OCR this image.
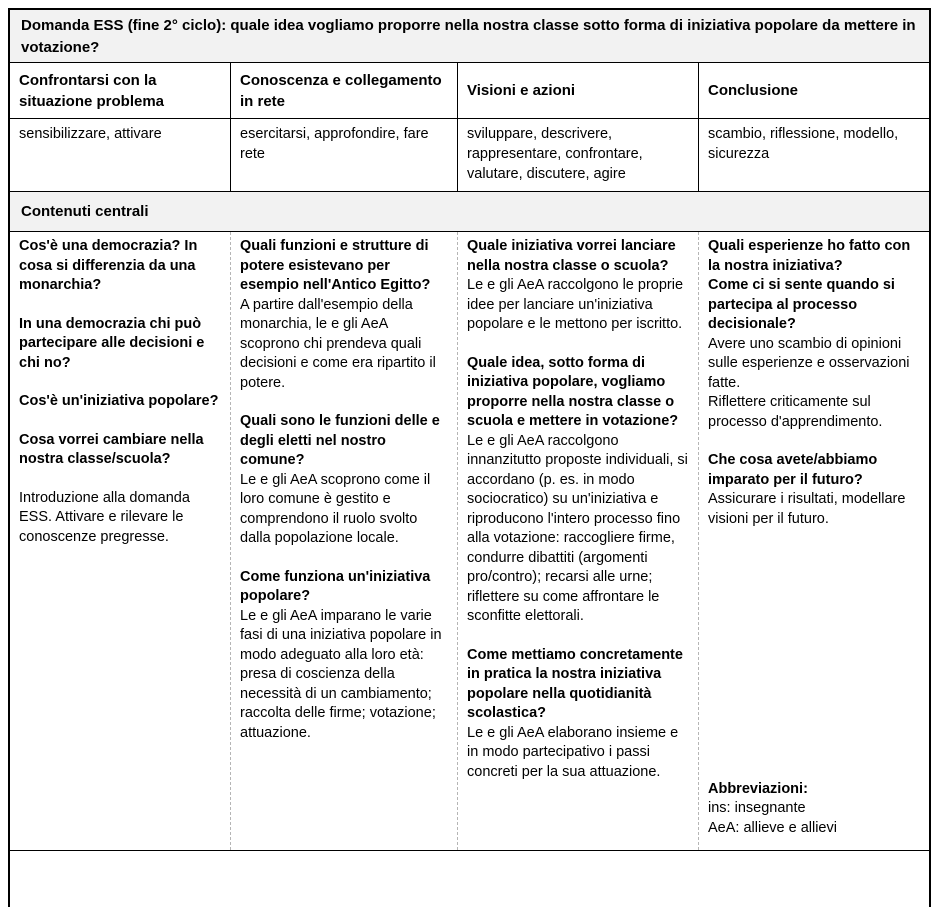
Domanda ESS (fine 2° ciclo): quale idea vogliamo proporre nella nostra classe sotto forma di iniziativa popolare da mettere in votazione?
Confrontarsi con la situazione problema
Conoscenza e collegamento in rete
Visioni e azioni	Conclusione
sensibilizzare, attivare	esercitarsi, approfondire, fare rete
sviluppare, descrivere, rappresentare, confrontare, valutare, discutere, agire
scambio, riflessione, modello, sicurezza
Contenuti centrali

Cos'è una democrazia? In cosa si differenzia da una monarchia?

In una democrazia chi può partecipare alle decisioni e chi no?

Cos'è un'iniziativa popolare?

Cosa vorrei cambiare nella nostra classe/scuola?

Introduzione alla domanda ESS. Attivare e rilevare le conoscenze pregresse.

Quali funzioni e strutture di potere esistevano per esempio nell'Antico Egitto?

A partire dall'esempio della monarchia, le e gli AeA scoprono chi prendeva quali decisioni e come era ripartito il potere.

Quali sono le funzioni delle e degli eletti nel nostro comune?

Le e gli AeA scoprono come il loro comune è gestito e comprendono il ruolo svolto dalla popolazione locale.

Come funziona un'iniziativa popolare?

Le e gli AeA imparano le varie fasi di una iniziativa popolare in modo adeguato alla loro età: presa di coscienza della necessità di un cambiamento; raccolta delle firme; votazione; attuazione.

Quale iniziativa vorrei lanciare nella nostra classe o scuola?

Le e gli AeA raccolgono le proprie idee per lanciare un'iniziativa popolare e le mettono per iscritto.

Quale idea, sotto forma di iniziativa popolare, vogliamo proporre nella nostra classe o scuola e mettere in votazione?

Le e gli AeA raccolgono innanzitutto proposte individuali, si accordano (p. es. in modo sociocratico) su un'iniziativa e riproducono l'intero processo fino alla votazione: raccogliere firme, condurre dibattiti (argomenti pro/contro); recarsi alle urne; riflettere su come affrontare le sconfitte elettorali.

Come mettiamo concretamente in pratica la nostra iniziativa popolare nella quotidianità scolastica?

Le e gli AeA elaborano insieme e in modo partecipativo i passi concreti per la sua attuazione.

Quali esperienze ho fatto con la nostra iniziativa?

Come ci si sente quando si partecipa al processo decisionale?

Avere uno scambio di opinioni sulle esperienze e osservazioni fatte.

Riflettere criticamente sul processo d'apprendimento.

Che cosa avete/abbiamo imparato per il futuro?

Assicurare i risultati, modellare visioni per il futuro.

Abbreviazioni:

ins: insegnante

AeA: allieve e allievi
